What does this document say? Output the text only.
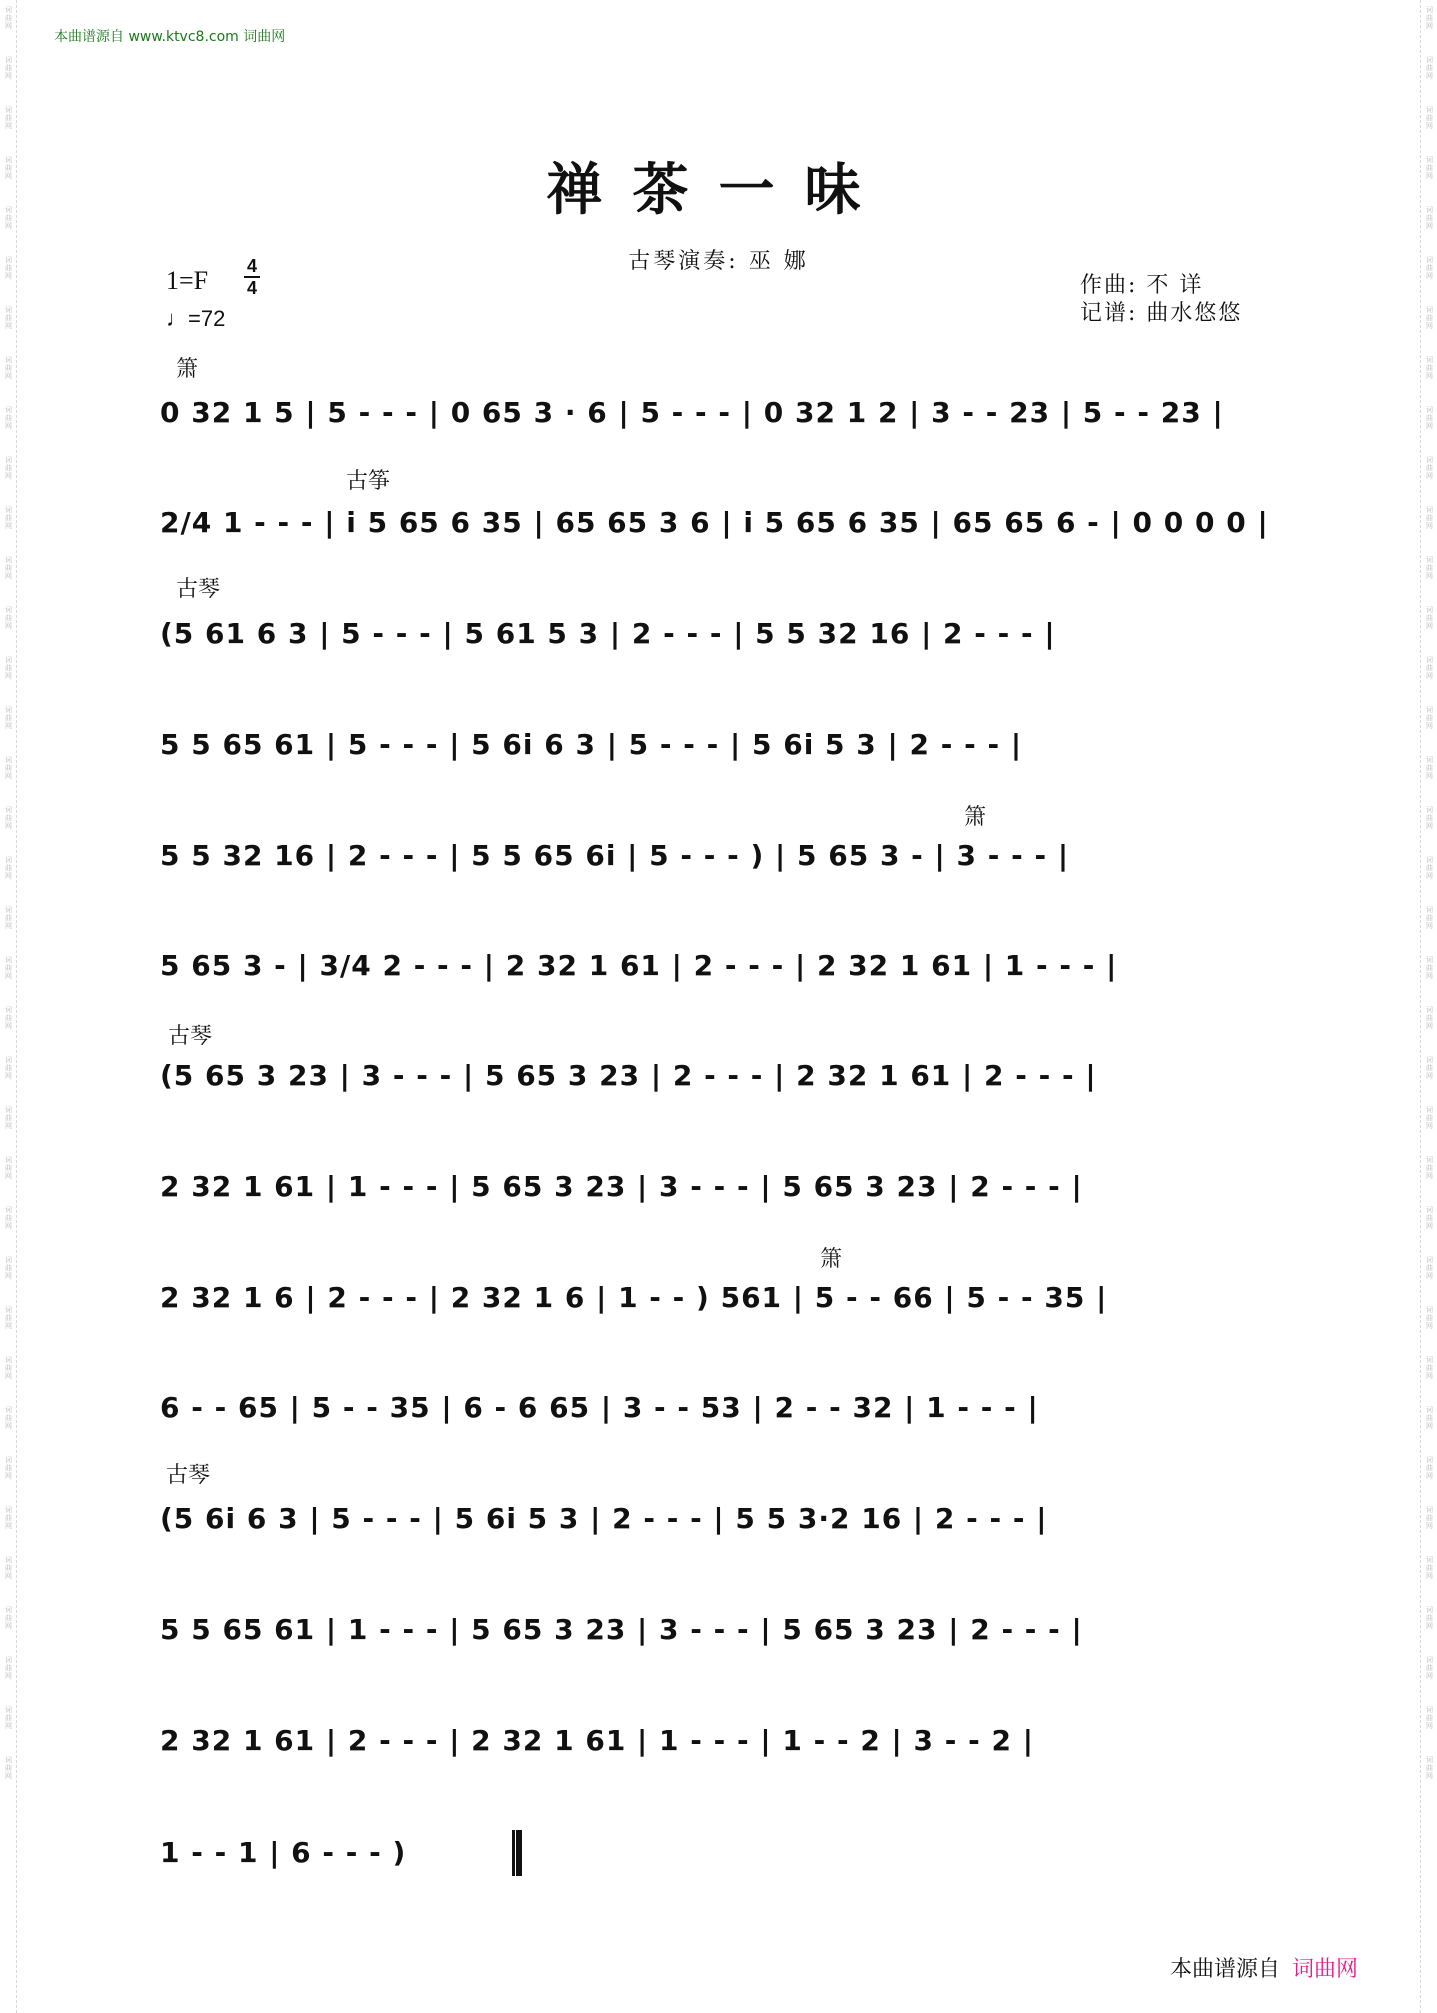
词曲网
词曲网
词曲网
词曲网
词曲网
词曲网
词曲网
词曲网
词曲网
词曲网
词曲网
词曲网
词曲网
词曲网
词曲网
词曲网
词曲网
词曲网
词曲网
词曲网
词曲网
词曲网
词曲网
词曲网
词曲网
词曲网
词曲网
词曲网
词曲网
词曲网
词曲网
词曲网
词曲网
词曲网
词曲网
词曲网
词曲网
词曲网
词曲网
词曲网
词曲网
词曲网
词曲网
词曲网
词曲网
词曲网
词曲网
词曲网
词曲网
词曲网
词曲网
词曲网
词曲网
词曲网
词曲网
词曲网
词曲网
词曲网
词曲网
词曲网
词曲网
词曲网
词曲网
词曲网
词曲网
词曲网
词曲网
词曲网
词曲网
词曲网
词曲网
词曲网
本曲谱源自 www.ktvc8.com 词曲网
禅茶一味
古琴演奏: 巫 娜
1=F 4
4
♩=72
作曲: 不 详
记谱: 曲水悠悠
箫
0 32 1 5 | 5 - - - | 0 65 3 · 6 | 5 - - - | 0 32 1 2 | 3 - - 23 | 5 - - 23 |
古筝
2/4 1 - - - | i 5 65 6 35 | 65 65 3 6 | i 5 65 6 35 | 65 65 6 - | 0 0 0 0 |
古琴
(5 61 6 3 | 5 - - - | 5 61 5 3 | 2 - - - | 5 5 32 16 | 2 - - - |
5 5 65 61 | 5 - - - | 5 6i 6 3 | 5 - - - | 5 6i 5 3 | 2 - - - |
箫
5 5 32 16 | 2 - - - | 5 5 65 6i | 5 - - - ) | 5 65 3 - | 3 - - - |
5 65 3 - | 3/4 2 - - - | 2 32 1 61 | 2 - - - | 2 32 1 61 | 1 - - - |
古琴
(5 65 3 23 | 3 - - - | 5 65 3 23 | 2 - - - | 2 32 1 61 | 2 - - - |
2 32 1 61 | 1 - - - | 5 65 3 23 | 3 - - - | 5 65 3 23 | 2 - - - |
箫
2 32 1 6 | 2 - - - | 2 32 1 6 | 1 - - ) 561 | 5 - - 66 | 5 - - 35 |
6 - - 65 | 5 - - 35 | 6 - 6 65 | 3 - - 53 | 2 - - 32 | 1 - - - |
古琴
(5 6i 6 3 | 5 - - - | 5 6i 5 3 | 2 - - - | 5 5 3·2 16 | 2 - - - |
5 5 65 61 | 1 - - - | 5 65 3 23 | 3 - - - | 5 65 3 23 | 2 - - - |
2 32 1 61 | 2 - - - | 2 32 1 61 | 1 - - - | 1 - - 2 | 3 - - 2 |
1 - - 1 | 6 - - - )
本曲谱源自 词曲网
